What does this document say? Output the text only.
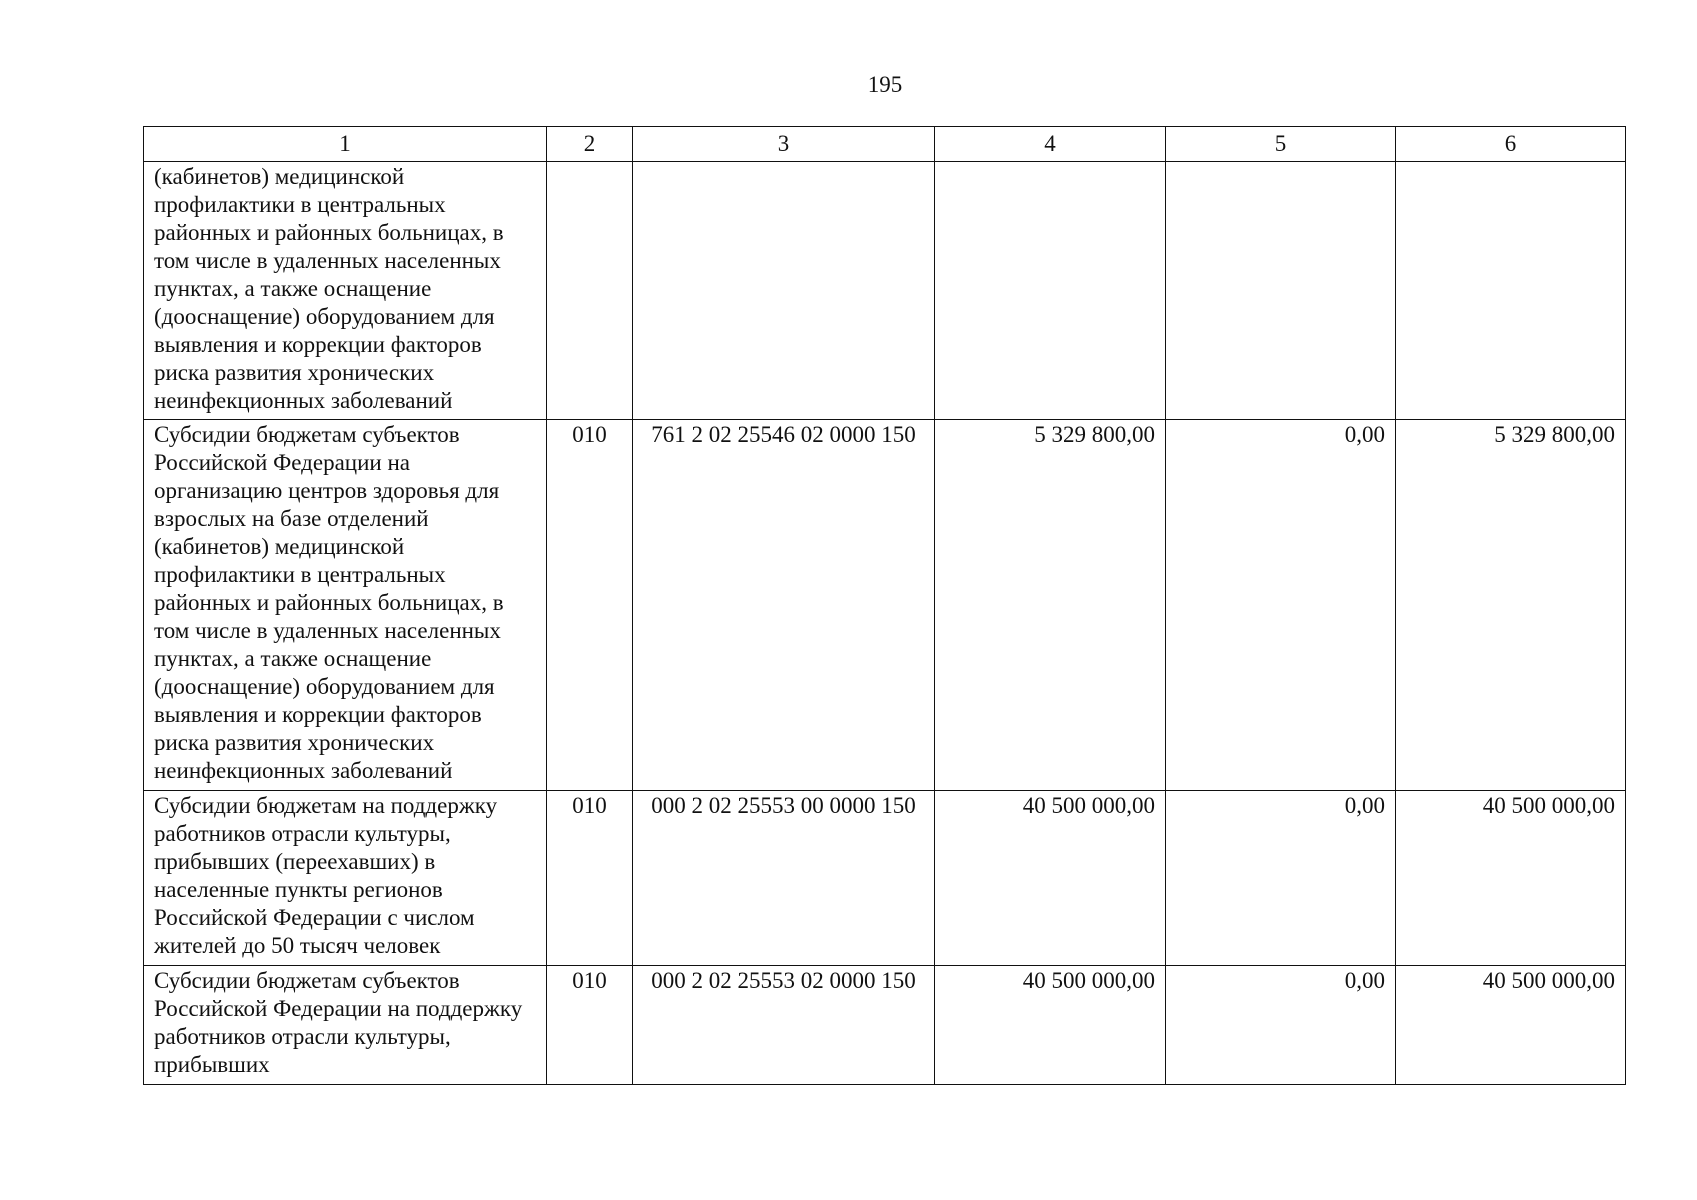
195
1	2	3	4	5	6
(кабинетов) медицинской профилактики в центральных районных и районных больницах, в том числе в удаленных населенных пунктах, а также оснащение (дооснащение) оборудованием для выявления и коррекции факторов риска развития хронических неинфекционных заболеваний					
Субсидии бюджетам субъектов Российской Федерации на организацию центров здоровья для взрослых на базе отделений (кабинетов) медицинской профилактики в центральных районных и районных больницах, в том числе в удаленных населенных пунктах, а также оснащение (дооснащение) оборудованием для выявления и коррекции факторов риска развития хронических неинфекционных заболеваний	010	761 2 02 25546 02 0000 150	5 329 800,00	0,00	5 329 800,00
Субсидии бюджетам на поддержку работников отрасли культуры, прибывших (переехавших) в населенные пункты регионов Российской Федерации с числом жителей до 50 тысяч человек	010	000 2 02 25553 00 0000 150	40 500 000,00	0,00	40 500 000,00
Субсидии бюджетам субъектов Российской Федерации на поддержку работников отрасли культуры, прибывших	010	000 2 02 25553 02 0000 150	40 500 000,00	0,00	40 500 000,00
